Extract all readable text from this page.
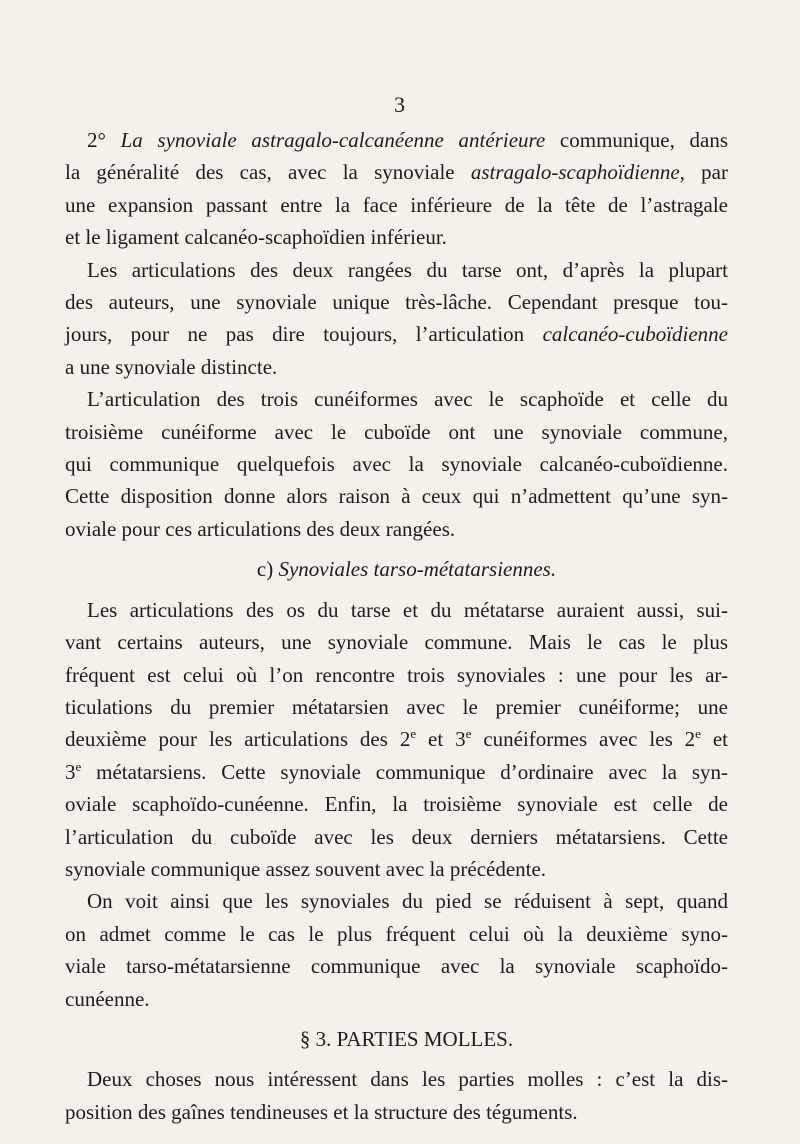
3
2° La synoviale astragalo-calcanéenne antérieure communique, dans
la généralité des cas, avec la synoviale astragalo-scaphoïdienne, par
une expansion passant entre la face inférieure de la tête de l’astragale
et le ligament calcanéo-scaphoïdien inférieur.
Les articulations des deux rangées du tarse ont, d’après la plupart
des auteurs, une synoviale unique très-lâche. Cependant presque tou-
jours, pour ne pas dire toujours, l’articulation calcanéo-cuboïdienne
a une synoviale distincte.
L’articulation des trois cunéiformes avec le scaphoïde et celle du
troisième cunéiforme avec le cuboïde ont une synoviale commune,
qui communique quelquefois avec la synoviale calcanéo-cuboïdienne.
Cette disposition donne alors raison à ceux qui n’admettent qu’une syn-
oviale pour ces articulations des deux rangées.
c) Synoviales tarso-métatarsiennes.
Les articulations des os du tarse et du métatarse auraient aussi, sui-
vant certains auteurs, une synoviale commune. Mais le cas le plus
fréquent est celui où l’on rencontre trois synoviales : une pour les ar-
ticulations du premier métatarsien avec le premier cunéiforme; une
deuxième pour les articulations des 2e et 3e cunéiformes avec les 2e et
3e métatarsiens. Cette synoviale communique d’ordinaire avec la syn-
oviale scaphoïdo-cunéenne. Enfin, la troisième synoviale est celle de
l’articulation du cuboïde avec les deux derniers métatarsiens. Cette
synoviale communique assez souvent avec la précédente.
On voit ainsi que les synoviales du pied se réduisent à sept, quand
on admet comme le cas le plus fréquent celui où la deuxième syno-
viale tarso-métatarsienne communique avec la synoviale scaphoïdo-
cunéenne.
§ 3. PARTIES MOLLES.
Deux choses nous intéressent dans les parties molles : c’est la dis-
position des gaînes tendineuses et la structure des téguments.
